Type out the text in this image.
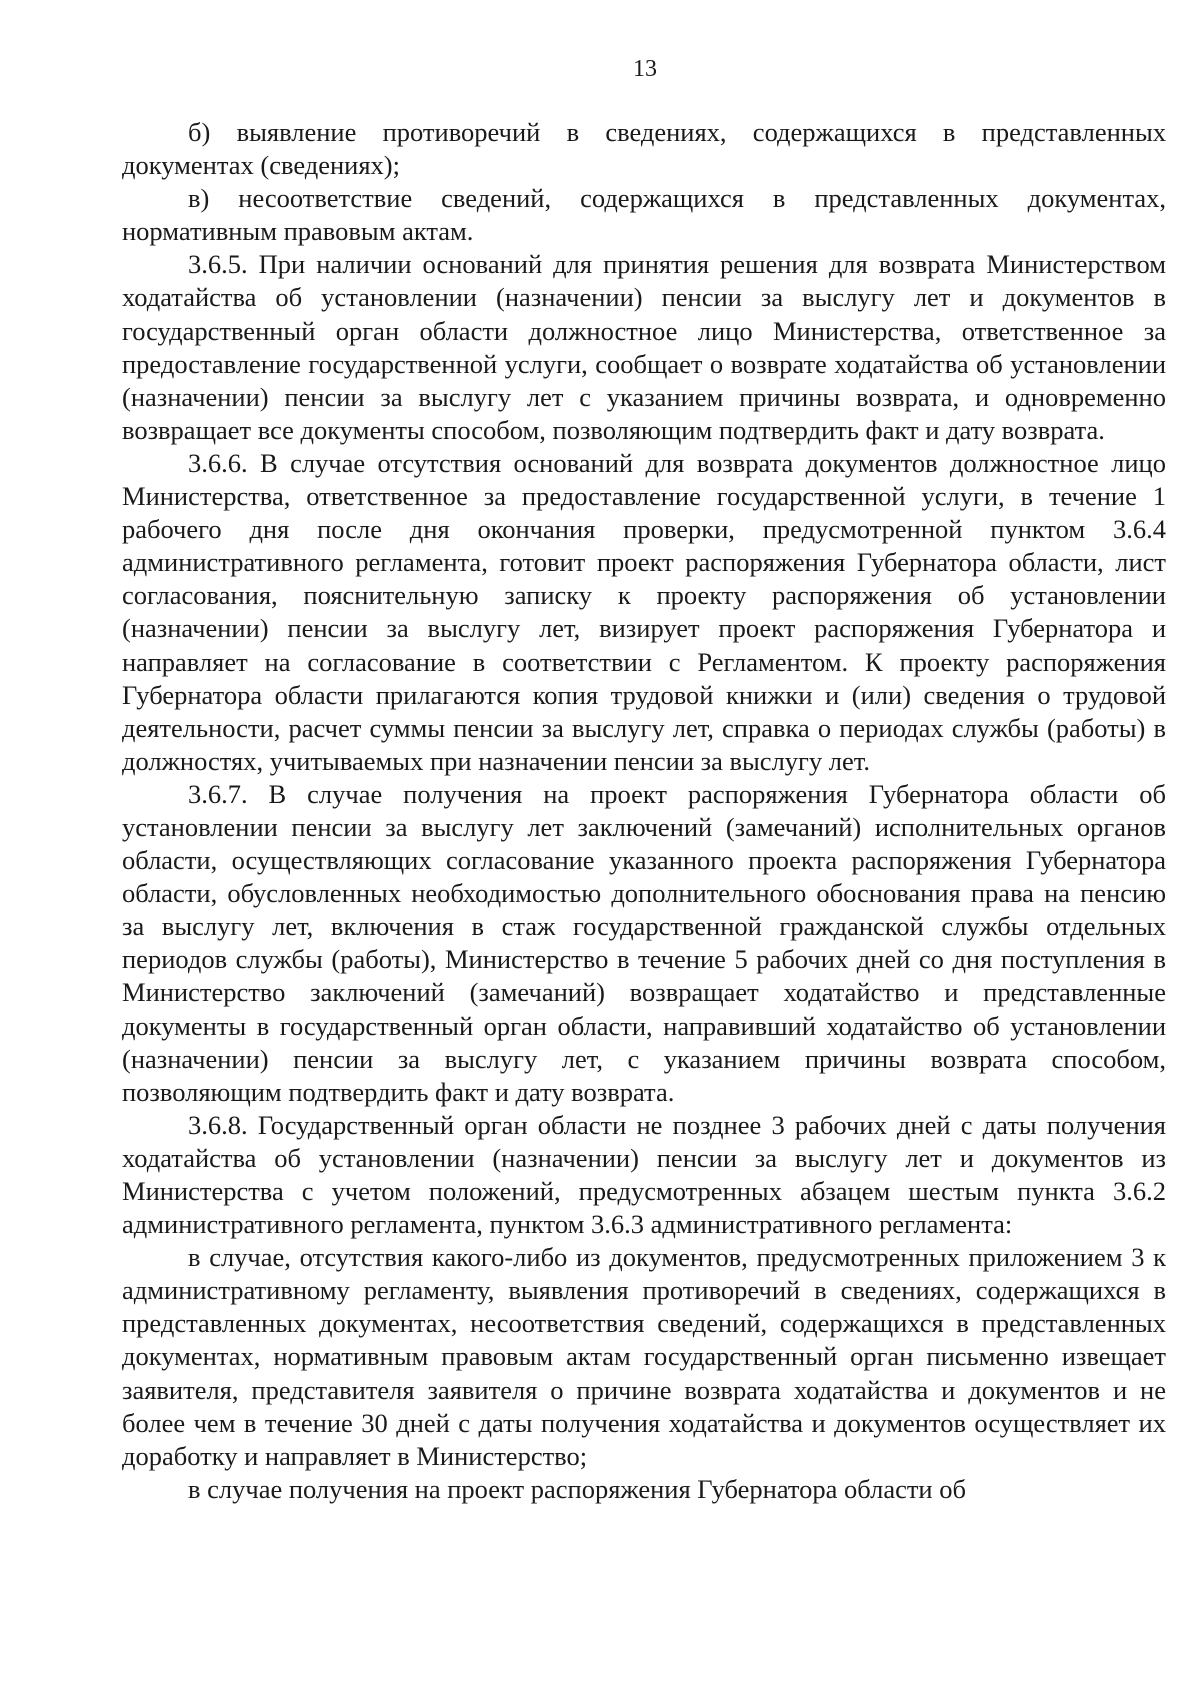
13

б) выявление противоречий в сведениях, содержащихся в представленных документах (сведениях);

в) несоответствие сведений, содержащихся в представленных документах, нормативным правовым актам.

3.6.5. При наличии оснований для принятия решения для возврата Министерством ходатайства об установлении (назначении) пенсии за выслугу лет и документов в государственный орган области должностное лицо Министерства, ответственное за предоставление государственной услуги, сообщает о возврате ходатайства об установлении (назначении) пенсии за выслугу лет с указанием причины возврата, и одновременно возвращает все документы способом, позволяющим подтвердить факт и дату возврата.

3.6.6. В случае отсутствия оснований для возврата документов должностное лицо Министерства, ответственное за предоставление государственной услуги, в течение 1 рабочего дня после дня окончания проверки, предусмотренной пунктом 3.6.4 административного регламента, готовит проект распоряжения Губернатора области, лист согласования, пояснительную записку к проекту распоряжения об установлении (назначении) пенсии за выслугу лет, визирует проект распоряжения Губернатора и направляет на согласование в соответствии с Регламентом. К проекту распоряжения Губернатора области прилагаются копия трудовой книжки и (или) сведения о трудовой деятельности, расчет суммы пенсии за выслугу лет, справка о периодах службы (работы) в должностях, учитываемых при назначении пенсии за выслугу лет.

3.6.7. В случае получения на проект распоряжения Губернатора области об установлении пенсии за выслугу лет заключений (замечаний) исполнительных органов области, осуществляющих согласование указанного проекта распоряжения Губернатора области, обусловленных необходимостью дополнительного обоснования права на пенсию за выслугу лет, включения в стаж государственной гражданской службы отдельных периодов службы (работы), Министерство в течение 5 рабочих дней со дня поступления в Министерство заключений (замечаний) возвращает ходатайство и представленные документы в государственный орган области, направивший ходатайство об установлении (назначении) пенсии за выслугу лет, с указанием причины возврата способом, позволяющим подтвердить факт и дату возврата.

3.6.8. Государственный орган области не позднее 3 рабочих дней с даты получения ходатайства об установлении (назначении) пенсии за выслугу лет и документов из Министерства с учетом положений, предусмотренных абзацем шестым пункта 3.6.2 административного регламента, пунктом 3.6.3 административного регламента:

в случае, отсутствия какого-либо из документов, предусмотренных приложением 3 к административному регламенту, выявления противоречий в сведениях, содержащихся в представленных документах, несоответствия сведений, содержащихся в представленных документах, нормативным правовым актам государственный орган письменно извещает заявителя, представителя заявителя о причине возврата ходатайства и документов и не более чем в течение 30 дней с даты получения ходатайства и документов осуществляет их доработку и направляет в Министерство;

в случае получения на проект распоряжения Губернатора области об
